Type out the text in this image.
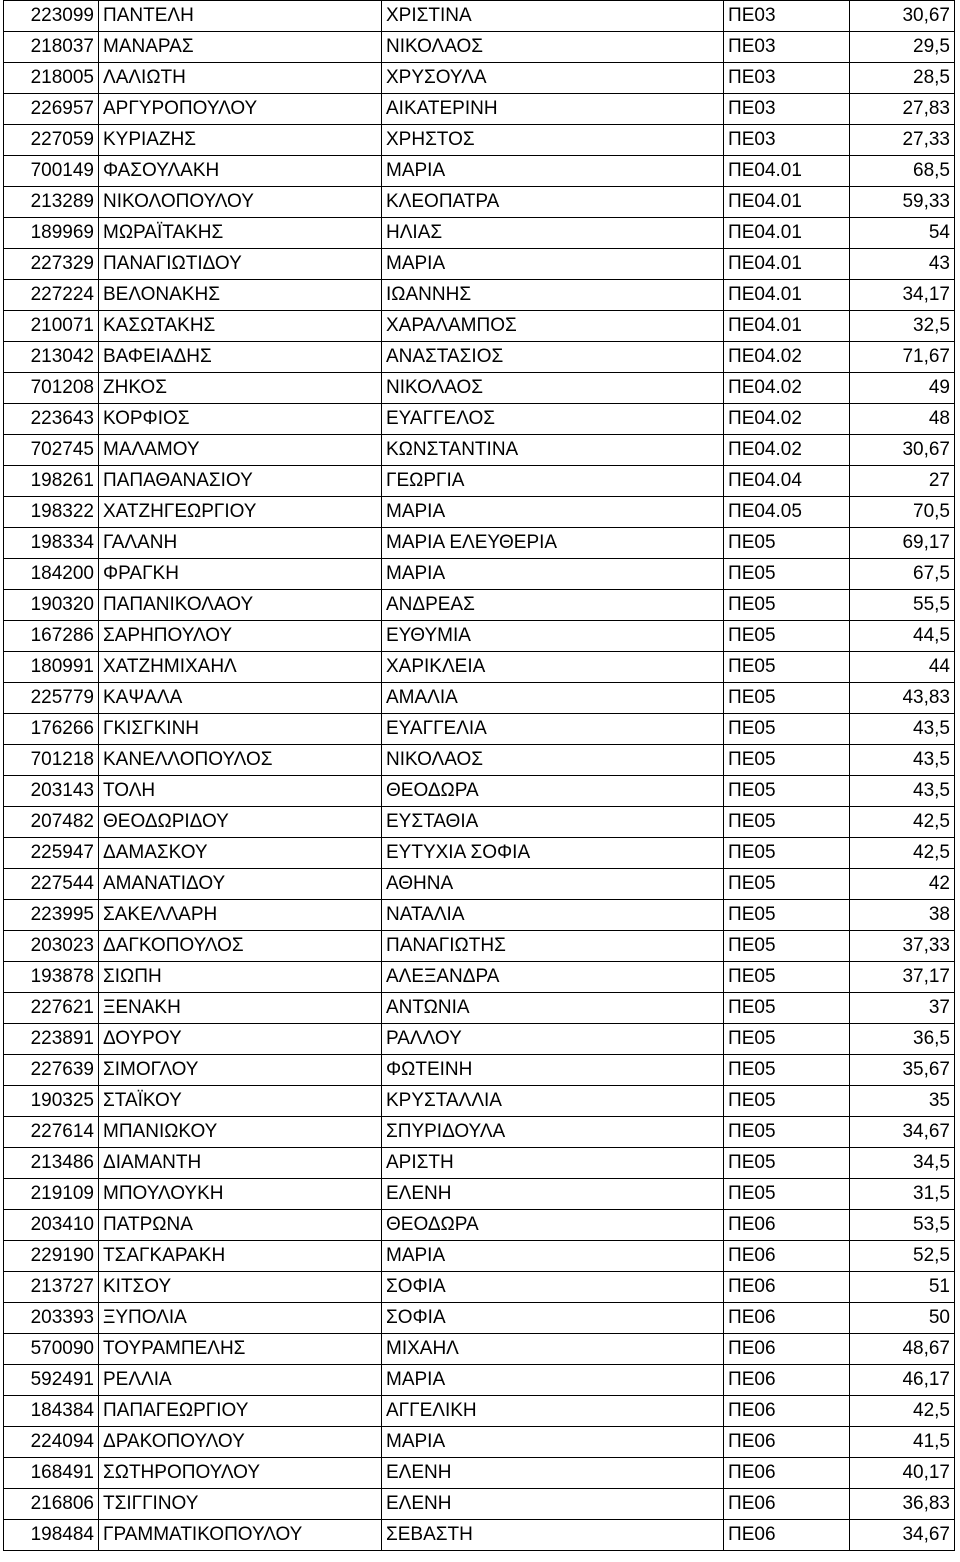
223099	ΠΑΝΤΕΛΗ	ΧΡΙΣΤΙΝΑ	ΠΕ03	30,67
218037	ΜΑΝΑΡΑΣ	ΝΙΚΟΛΑΟΣ	ΠΕ03	29,5
218005	ΛΑΛΙΩΤΗ	ΧΡΥΣΟΥΛΑ	ΠΕ03	28,5
226957	ΑΡΓΥΡΟΠΟΥΛΟΥ	ΑΙΚΑΤΕΡΙΝΗ	ΠΕ03	27,83
227059	ΚΥΡΙΑΖΗΣ	ΧΡΗΣΤΟΣ	ΠΕ03	27,33
700149	ΦΑΣΟΥΛΑΚΗ	ΜΑΡΙΑ	ΠΕ04.01	68,5
213289	ΝΙΚΟΛΟΠΟΥΛΟΥ	ΚΛΕΟΠΑΤΡΑ	ΠΕ04.01	59,33
189969	ΜΩΡΑΪΤΑΚΗΣ	ΗΛΙΑΣ	ΠΕ04.01	54
227329	ΠΑΝΑΓΙΩΤΙΔΟΥ	ΜΑΡΙΑ	ΠΕ04.01	43
227224	ΒΕΛΟΝΑΚΗΣ	ΙΩΑΝΝΗΣ	ΠΕ04.01	34,17
210071	ΚΑΣΩΤΑΚΗΣ	ΧΑΡΑΛΑΜΠΟΣ	ΠΕ04.01	32,5
213042	ΒΑΦΕΙΑΔΗΣ	ΑΝΑΣΤΑΣΙΟΣ	ΠΕ04.02	71,67
701208	ΖΗΚΟΣ	ΝΙΚΟΛΑΟΣ	ΠΕ04.02	49
223643	ΚΟΡΦΙΟΣ	ΕΥΑΓΓΕΛΟΣ	ΠΕ04.02	48
702745	ΜΑΛΑΜΟΥ	ΚΩΝΣΤΑΝΤΙΝΑ	ΠΕ04.02	30,67
198261	ΠΑΠΑΘΑΝΑΣΙΟΥ	ΓΕΩΡΓΙΑ	ΠΕ04.04	27
198322	ΧΑΤΖΗΓΕΩΡΓΙΟΥ	ΜΑΡΙΑ	ΠΕ04.05	70,5
198334	ΓΑΛΑΝΗ	ΜΑΡΙΑ ΕΛΕΥΘΕΡΙΑ	ΠΕ05	69,17
184200	ΦΡΑΓΚΗ	ΜΑΡΙΑ	ΠΕ05	67,5
190320	ΠΑΠΑΝΙΚΟΛΑΟΥ	ΑΝΔΡΕΑΣ	ΠΕ05	55,5
167286	ΣΑΡΗΠΟΥΛΟΥ	ΕΥΘΥΜΙΑ	ΠΕ05	44,5
180991	ΧΑΤΖΗΜΙΧΑΗΛ	ΧΑΡΙΚΛΕΙΑ	ΠΕ05	44
225779	ΚΑΨΑΛΑ	ΑΜΑΛΙΑ	ΠΕ05	43,83
176266	ΓΚΙΣΓΚΙΝΗ	ΕΥΑΓΓΕΛΙΑ	ΠΕ05	43,5
701218	ΚΑΝΕΛΛΟΠΟΥΛΟΣ	ΝΙΚΟΛΑΟΣ	ΠΕ05	43,5
203143	ΤΟΛΗ	ΘΕΟΔΩΡΑ	ΠΕ05	43,5
207482	ΘΕΟΔΩΡΙΔΟΥ	ΕΥΣΤΑΘΙΑ	ΠΕ05	42,5
225947	ΔΑΜΑΣΚΟΥ	ΕΥΤΥΧΙΑ ΣΟΦΙΑ	ΠΕ05	42,5
227544	ΑΜΑΝΑΤΙΔΟΥ	ΑΘΗΝΑ	ΠΕ05	42
223995	ΣΑΚΕΛΛΑΡΗ	ΝΑΤΑΛΙΑ	ΠΕ05	38
203023	ΔΑΓΚΟΠΟΥΛΟΣ	ΠΑΝΑΓΙΩΤΗΣ	ΠΕ05	37,33
193878	ΣΙΩΠΗ	ΑΛΕΞΑΝΔΡΑ	ΠΕ05	37,17
227621	ΞΕΝΑΚΗ	ΑΝΤΩΝΙΑ	ΠΕ05	37
223891	ΔΟΥΡΟΥ	ΡΑΛΛΟΥ	ΠΕ05	36,5
227639	ΣΙΜΟΓΛΟΥ	ΦΩΤΕΙΝΗ	ΠΕ05	35,67
190325	ΣΤΑΪΚΟΥ	ΚΡΥΣΤΑΛΛΙΑ	ΠΕ05	35
227614	ΜΠΑΝΙΩΚΟΥ	ΣΠΥΡΙΔΟΥΛΑ	ΠΕ05	34,67
213486	ΔΙΑΜΑΝΤΗ	ΑΡΙΣΤΗ	ΠΕ05	34,5
219109	ΜΠΟΥΛΟΥΚΗ	ΕΛΕΝΗ	ΠΕ05	31,5
203410	ΠΑΤΡΩΝΑ	ΘΕΟΔΩΡΑ	ΠΕ06	53,5
229190	ΤΣΑΓΚΑΡΑΚΗ	ΜΑΡΙΑ	ΠΕ06	52,5
213727	ΚΙΤΣΟΥ	ΣΟΦΙΑ	ΠΕ06	51
203393	ΞΥΠΟΛΙΑ	ΣΟΦΙΑ	ΠΕ06	50
570090	ΤΟΥΡΑΜΠΕΛΗΣ	ΜΙΧΑΗΛ	ΠΕ06	48,67
592491	ΡΕΛΛΙΑ	ΜΑΡΙΑ	ΠΕ06	46,17
184384	ΠΑΠΑΓΕΩΡΓΙΟΥ	ΑΓΓΕΛΙΚΗ	ΠΕ06	42,5
224094	ΔΡΑΚΟΠΟΥΛΟΥ	ΜΑΡΙΑ	ΠΕ06	41,5
168491	ΣΩΤΗΡΟΠΟΥΛΟΥ	ΕΛΕΝΗ	ΠΕ06	40,17
216806	ΤΣΙΓΓΙΝΟΥ	ΕΛΕΝΗ	ΠΕ06	36,83
198484	ΓΡΑΜΜΑΤΙΚΟΠΟΥΛΟΥ	ΣΕΒΑΣΤΗ	ΠΕ06	34,67
